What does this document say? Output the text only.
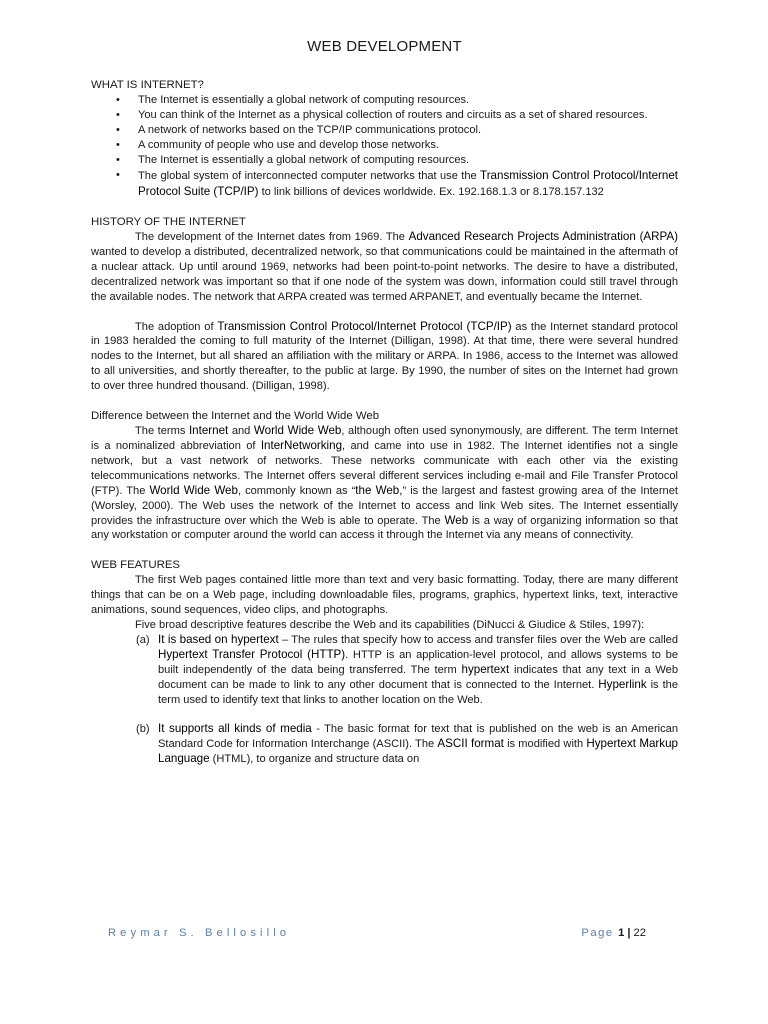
WEB DEVELOPMENT
WHAT IS INTERNET?
• The Internet is essentially a global network of computing resources.
• You can think of the Internet as a physical collection of routers and circuits as a set of shared resources.
• A network of networks based on the TCP/IP communications protocol.
• A community of people who use and develop those networks.
• The Internet is essentially a global network of computing resources.
• The global system of interconnected computer networks that use the Transmission Control Protocol/Internet Protocol Suite (TCP/IP) to link billions of devices worldwide. Ex. 192.168.1.3 or 8.178.157.132
HISTORY OF THE INTERNET

The development of the Internet dates from 1969. The Advanced Research Projects Administration (ARPA) wanted to develop a distributed, decentralized network, so that communications could be maintained in the aftermath of a nuclear attack. Up until around 1969, networks had been point-to-point networks. The desire to have a distributed, decentralized network was important so that if one node of the system was down, information could still travel through the available nodes. The network that ARPA created was termed ARPANET, and eventually became the Internet.

The adoption of Transmission Control Protocol/Internet Protocol (TCP/IP) as the Internet standard protocol in 1983 heralded the coming to full maturity of the Internet (Dilligan, 1998). At that time, there were several hundred nodes to the Internet, but all shared an affiliation with the military or ARPA. In 1986, access to the Internet was allowed to all universities, and shortly thereafter, to the public at large. By 1990, the number of sites on the Internet had grown to over three hundred thousand. (Dilligan, 1998).

Difference between the Internet and the World Wide Web

The terms Internet and World Wide Web, although often used synonymously, are different. The term Internet is a nominalized abbreviation of InterNetworking, and came into use in 1982. The Internet identifies not a single network, but a vast network of networks. These networks communicate with each other via the existing telecommunications networks. The Internet offers several different services including e-mail and File Transfer Protocol (FTP). The World Wide Web, commonly known as “the Web,” is the largest and fastest growing area of the Internet (Worsley, 2000). The Web uses the network of the Internet to access and link Web sites. The Internet essentially provides the infrastructure over which the Web is able to operate. The Web is a way of organizing information so that any workstation or computer around the world can access it through the Internet via any means of connectivity.

WEB FEATURES

The first Web pages contained little more than text and very basic formatting. Today, there are many different things that can be on a Web page, including downloadable files, programs, graphics, hypertext links, text, interactive animations, sound sequences, video clips, and photographs.

Five broad descriptive features describe the Web and its capabilities (DiNucci & Giudice & Stiles, 1997):

(a) It is based on hypertext – The rules that specify how to access and transfer files over the Web are called Hypertext Transfer Protocol (HTTP). HTTP is an application-level protocol, and allows systems to be built independently of the data being transferred. The term hypertext indicates that any text in a Web document can be made to link to any other document that is connected to the Internet. Hyperlink is the term used to identify text that links to another location on the Web.
(b) It supports all kinds of media - The basic format for text that is published on the web is an American Standard Code for Information Interchange (ASCII). The ASCII format is modified with Hypertext Markup Language (HTML), to organize and structure data on
Reymar S. Bellosillo	Page 1 | 22
